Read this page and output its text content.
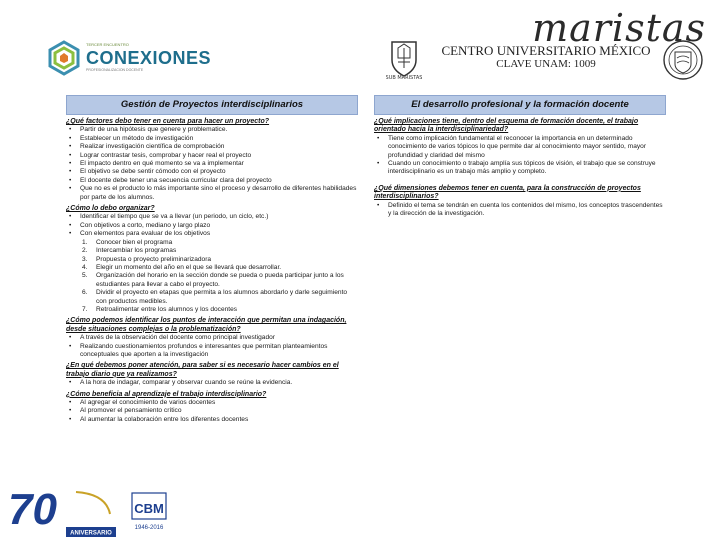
TERCER ENCUENTRO
CONEXIONES
PROFESIONALIZACION DOCENTE
maristas
SUB MARISTAS
CENTRO UNIVERSITARIO MÉXICO
CLAVE UNAM: 1009
Gestión de Proyectos interdisciplinarios
¿Qué factores debo tener en cuenta para hacer un proyecto?
• Partir de una hipótesis que genere y problematice.
• Establecer un método de investigación
• Realizar investigación científica de comprobación
• Lograr contrastar tesis, comprobar y hacer real el proyecto
• El impacto dentro en qué momento se va a implementar
• El objetivo se debe sentir cómodo con el proyecto
• El docente debe tener una secuencia curricular clara del proyecto
• Que no es el producto lo más importante sino el proceso y desarrollo de diferentes habilidades por parte de los alumnos.
¿Cómo lo debo organizar?
• Identificar el tiempo que se va a llevar (un periodo, un ciclo, etc.)
• Con objetivos a corto, mediano y largo plazo
• Con elementos para evaluar de los objetivos
1. Conocer bien el programa
2. Intercambiar los programas
3. Propuesta o proyecto preliminarizadora
4. Elegir un momento del año en el que se llevará que desarrollar.
5. Organización del horario en la sección donde se pueda o pueda participar junto a los estudiantes para llevar a cabo el proyecto.
6. Dividir el proyecto en etapas que permita a los alumnos abordarlo y darle seguimiento con productos medibles.
7. Retroalimentar entre los alumnos y los docentes
¿Cómo podemos identificar los puntos de interacción que permitan una indagación, desde situaciones complejas o la problematización?
• A través de la observación del docente como principal investigador
• Realizando cuestionamientos profundos e interesantes que permitan planteamientos conceptuales que aporten a la investigación
¿En qué debemos poner atención, para saber si es necesario hacer cambios en el trabajo diario que ya realizamos?
• A la hora de indagar, comparar y observar cuando se reúne la evidencia.
¿Cómo beneficia al aprendizaje el trabajo interdisciplinario?
• Al agregar el conocimiento de varios docentes
• Al promover el pensamiento crítico
• Al aumentar la colaboración entre los diferentes docentes
El desarrollo profesional y la formación docente
¿Qué implicaciones tiene, dentro del esquema de formación docente, el trabajo orientado hacia la interdisciplinariedad?
• Tiene como implicación fundamental el reconocer la importancia en un determinado conocimiento de varios tópicos lo que permite dar al conocimiento mayor sentido, mayor profundidad y claridad del mismo
• Cuando un conocimiento o trabajo amplía sus tópicos de visión, el trabajo que se construye interdisciplinario es un trabajo más amplio y completo.
¿Qué dimensiones debemos tener en cuenta, para la construcción de proyectos interdisciplinarios?
• Definido el tema se tendrán en cuenta los contenidos del mismo, los conceptos trascendentes y la dirección de la investigación.
70 ANIVERSARIO
CBM
1946-2016
